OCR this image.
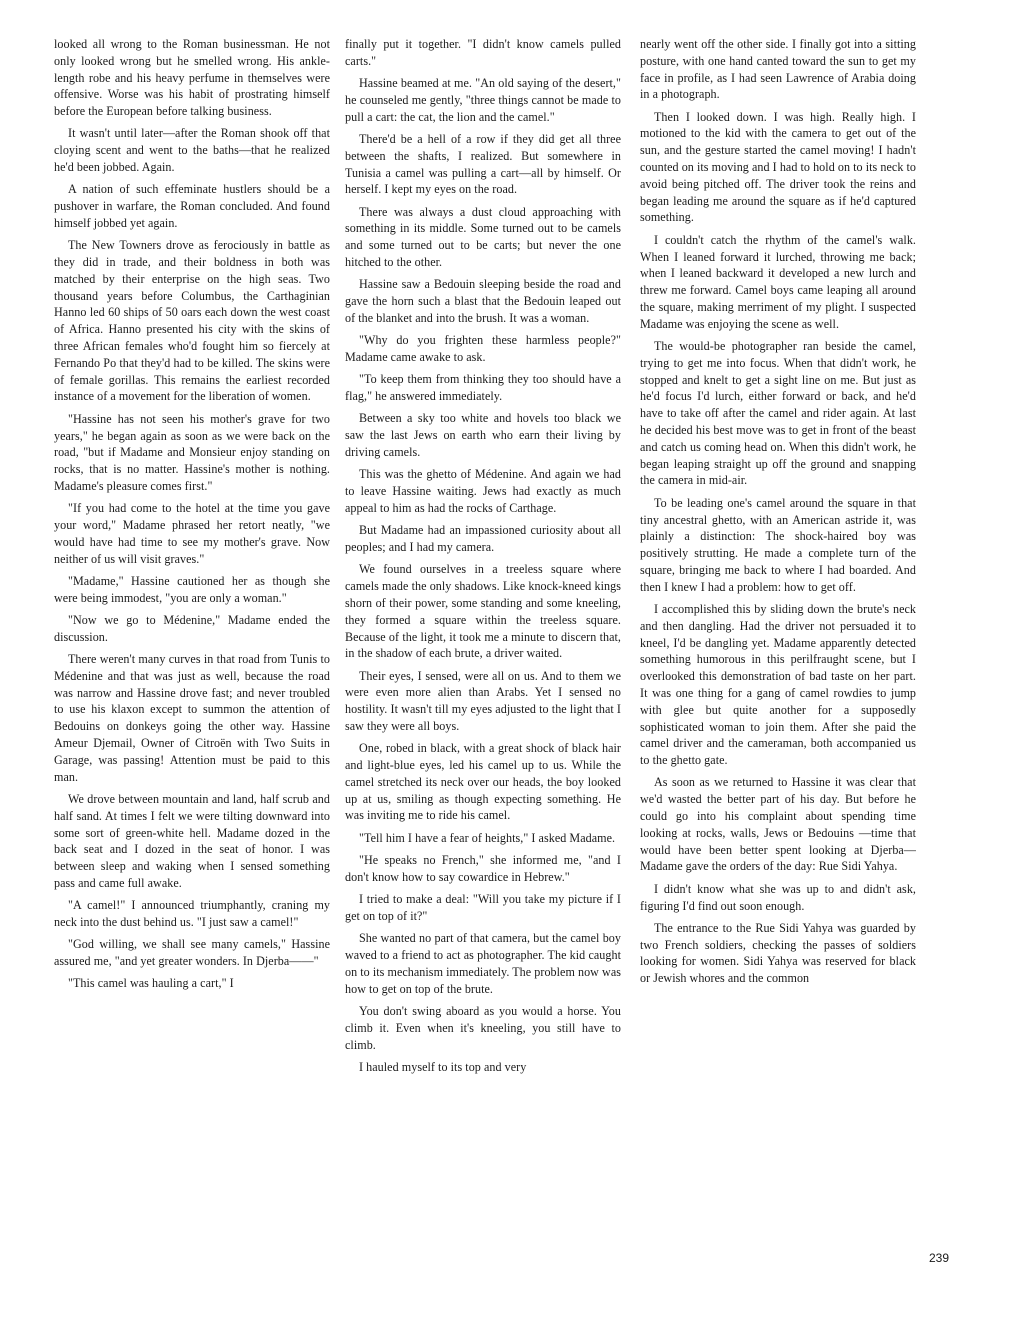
looked all wrong to the Roman businessman. He not only looked wrong but he smelled wrong. His ankle-length robe and his heavy perfume in themselves were offensive. Worse was his habit of prostrating himself before the European before talking business.

It wasn't until later—after the Roman shook off that cloying scent and went to the baths—that he realized he'd been jobbed. Again.

A nation of such effeminate hustlers should be a pushover in warfare, the Roman concluded. And found himself jobbed yet again.

The New Towners drove as ferociously in battle as they did in trade, and their boldness in both was matched by their enterprise on the high seas. Two thousand years before Columbus, the Carthaginian Hanno led 60 ships of 50 oars each down the west coast of Africa. Hanno presented his city with the skins of three African females who'd fought him so fiercely at Fernando Po that they'd had to be killed. The skins were of female gorillas. This remains the earliest recorded instance of a movement for the liberation of women.

"Hassine has not seen his mother's grave for two years," he began again as soon as we were back on the road, "but if Madame and Monsieur enjoy standing on rocks, that is no matter. Hassine's mother is nothing. Madame's pleasure comes first."

"If you had come to the hotel at the time you gave your word," Madame phrased her retort neatly, "we would have had time to see my mother's grave. Now neither of us will visit graves."

"Madame," Hassine cautioned her as though she were being immodest, "you are only a woman."

"Now we go to Médenine," Madame ended the discussion.

There weren't many curves in that road from Tunis to Médenine and that was just as well, because the road was narrow and Hassine drove fast; and never troubled to use his klaxon except to summon the attention of Bedouins on donkeys going the other way. Hassine Ameur Djemail, Owner of Citroën with Two Suits in Garage, was passing! Attention must be paid to this man.

We drove between mountain and land, half scrub and half sand. At times I felt we were tilting downward into some sort of green-white hell. Madame dozed in the back seat and I dozed in the seat of honor. I was between sleep and waking when I sensed something pass and came full awake.

"A camel!" I announced triumphantly, craning my neck into the dust behind us. "I just saw a camel!"

"God willing, we shall see many camels," Hassine assured me, "and yet greater wonders. In Djerba——"

"This camel was hauling a cart," I

finally put it together. "I didn't know camels pulled carts."

Hassine beamed at me. "An old saying of the desert," he counseled me gently, "three things cannot be made to pull a cart: the cat, the lion and the camel."

There'd be a hell of a row if they did get all three between the shafts, I realized. But somewhere in Tunisia a camel was pulling a cart—all by himself. Or herself. I kept my eyes on the road.

There was always a dust cloud approaching with something in its middle. Some turned out to be camels and some turned out to be carts; but never the one hitched to the other.

Hassine saw a Bedouin sleeping beside the road and gave the horn such a blast that the Bedouin leaped out of the blanket and into the brush. It was a woman.

"Why do you frighten these harmless people?" Madame came awake to ask.

"To keep them from thinking they too should have a flag," he answered immediately.

Between a sky too white and hovels too black we saw the last Jews on earth who earn their living by driving camels.

This was the ghetto of Médenine. And again we had to leave Hassine waiting. Jews had exactly as much appeal to him as had the rocks of Carthage.

But Madame had an impassioned curiosity about all peoples; and I had my camera.

We found ourselves in a treeless square where camels made the only shadows. Like knock-kneed kings shorn of their power, some standing and some kneeling, they formed a square within the treeless square. Because of the light, it took me a minute to discern that, in the shadow of each brute, a driver waited.

Their eyes, I sensed, were all on us. And to them we were even more alien than Arabs. Yet I sensed no hostility. It wasn't till my eyes adjusted to the light that I saw they were all boys.

One, robed in black, with a great shock of black hair and light-blue eyes, led his camel up to us. While the camel stretched its neck over our heads, the boy looked up at us, smiling as though expecting something. He was inviting me to ride his camel.

"Tell him I have a fear of heights," I asked Madame.

"He speaks no French," she informed me, "and I don't know how to say cowardice in Hebrew."

I tried to make a deal: "Will you take my picture if I get on top of it?"

She wanted no part of that camera, but the camel boy waved to a friend to act as photographer. The kid caught on to its mechanism immediately. The problem now was how to get on top of the brute.

You don't swing aboard as you would a horse. You climb it. Even when it's kneeling, you still have to climb.

I hauled myself to its top and very

nearly went off the other side. I finally got into a sitting posture, with one hand canted toward the sun to get my face in profile, as I had seen Lawrence of Arabia doing in a photograph.

Then I looked down. I was high. Really high. I motioned to the kid with the camera to get out of the sun, and the gesture started the camel moving! I hadn't counted on its moving and I had to hold on to its neck to avoid being pitched off. The driver took the reins and began leading me around the square as if he'd captured something.

I couldn't catch the rhythm of the camel's walk. When I leaned forward it lurched, throwing me back; when I leaned backward it developed a new lurch and threw me forward. Camel boys came leaping all around the square, making merriment of my plight. I suspected Madame was enjoying the scene as well.

The would-be photographer ran beside the camel, trying to get me into focus. When that didn't work, he stopped and knelt to get a sight line on me. But just as he'd focus I'd lurch, either forward or back, and he'd have to take off after the camel and rider again. At last he decided his best move was to get in front of the beast and catch us coming head on. When this didn't work, he began leaping straight up off the ground and snapping the camera in mid-air.

To be leading one's camel around the square in that tiny ancestral ghetto, with an American astride it, was plainly a distinction: The shock-haired boy was positively strutting. He made a complete turn of the square, bringing me back to where I had boarded. And then I knew I had a problem: how to get off.

I accomplished this by sliding down the brute's neck and then dangling. Had the driver not persuaded it to kneel, I'd be dangling yet. Madame apparently detected something humorous in this perilfraught scene, but I overlooked this demonstration of bad taste on her part. It was one thing for a gang of camel rowdies to jump with glee but quite another for a supposedly sophisticated woman to join them. After she paid the camel driver and the cameraman, both accompanied us to the ghetto gate.

As soon as we returned to Hassine it was clear that we'd wasted the better part of his day. But before he could go into his complaint about spending time looking at rocks, walls, Jews or Bedouins —time that would have been better spent looking at Djerba—Madame gave the orders of the day: Rue Sidi Yahya.

I didn't know what she was up to and didn't ask, figuring I'd find out soon enough.

The entrance to the Rue Sidi Yahya was guarded by two French soldiers, checking the passes of soldiers looking for women. Sidi Yahya was reserved for black or Jewish whores and the common

239
